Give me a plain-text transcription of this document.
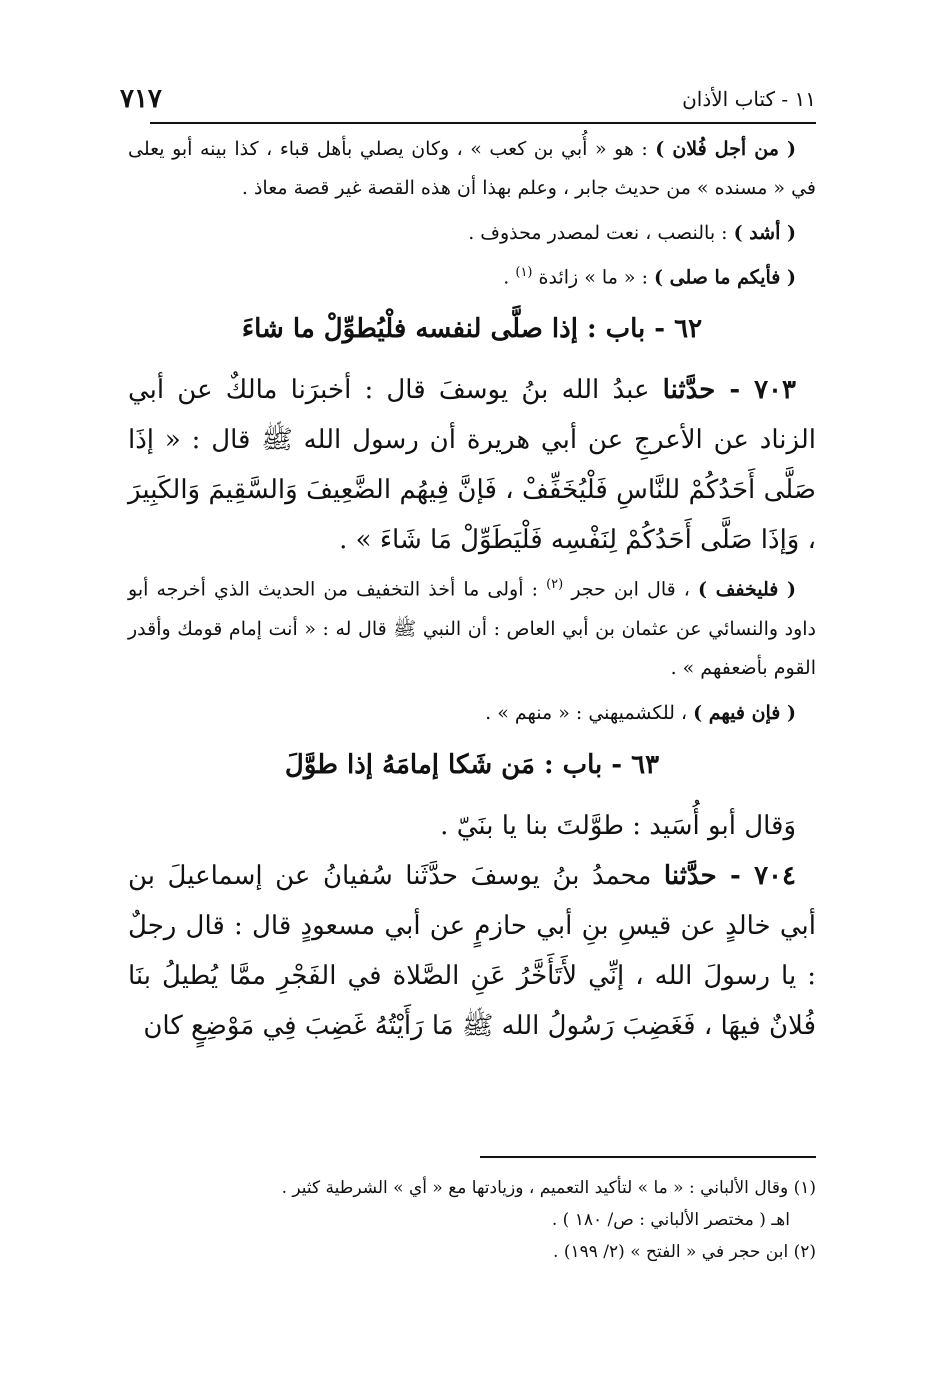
٧١٧	١١ - كتاب الأذان

( من أجل فُلان ) : هو « أُبي بن كعب » ، وكان يصلي بأهل قباء ، كذا بينه أبو يعلى في « مسنده » من حديث جابر ، وعلم بهذا أن هذه القصة غير قصة معاذ .

( أشد ) : بالنصب ، نعت لمصدر محذوف .

( فأيكم ما صلى ) : « ما » زائدة $^{(١)}$ .

٦٢ - باب : إذا صلَّى لنفسه فلْيُطوِّلْ ما شاءَ

٧٠٣ - حدَّثنا عبدُ الله بنُ يوسفَ قال : أخبرَنا مالكٌ عن أبي الزناد عن الأعرجِ عن أبي هريرة أن رسول الله ﷺ قال : « إذَا صَلَّى أَحَدُكُمْ للنَّاسِ فَلْيُخَفِّفْ ، فَإنَّ فِيهُم الضَّعِيفَ وَالسَّقِيمَ وَالكَبِيرَ ، وَإذَا صَلَّى أَحَدُكُمْ لِنَفْسِه فَلْيَطَوِّلْ مَا شَاءَ » .

( فليخفف ) ، قال ابن حجر $^{(٢)}$ : أولى ما أخذ التخفيف من الحديث الذي أخرجه أبو داود والنسائي عن عثمان بن أبي العاص : أن النبي ﷺ قال له : « أنت إمام قومك وأقدر القوم بأضعفهم » .

( فإن فيهم ) ، للكشميهني : « منهم » .

٦٣ - باب : مَن شَكا إمامَهُ إذا طوَّلَ

وَقال أبو أُسَيد : طوَّلتَ بنا يا بنَيّ .

٧٠٤ - حدَّثنا محمدُ بنُ يوسفَ حدَّثَنا سُفيانُ عن إسماعيلَ بن أبي خالدٍ عن قيسِ بنِ أبي حازمٍ عن أبي مسعودٍ قال : قال رجلٌ : يا رسولَ الله ، إنِّي لأَتَأَخَّرُ عَنِ الصَّلاة في الفَجْرِ ممَّا يُطيلُ بنَا فُلانٌ فيهَا ، فَغَضِبَ رَسُولُ الله ﷺ مَا رَأَيْتُهُ غَضِبَ فِي مَوْضِعٍ كان

(١) وقال الألباني : « ما » لتأكيد التعميم ، وزيادتها مع « أي » الشرطية كثير .

اهـ ( مختصر الألباني : ص/ ١٨٠ ) .

(٢) ابن حجر في « الفتح » (٢/ ١٩٩) .
